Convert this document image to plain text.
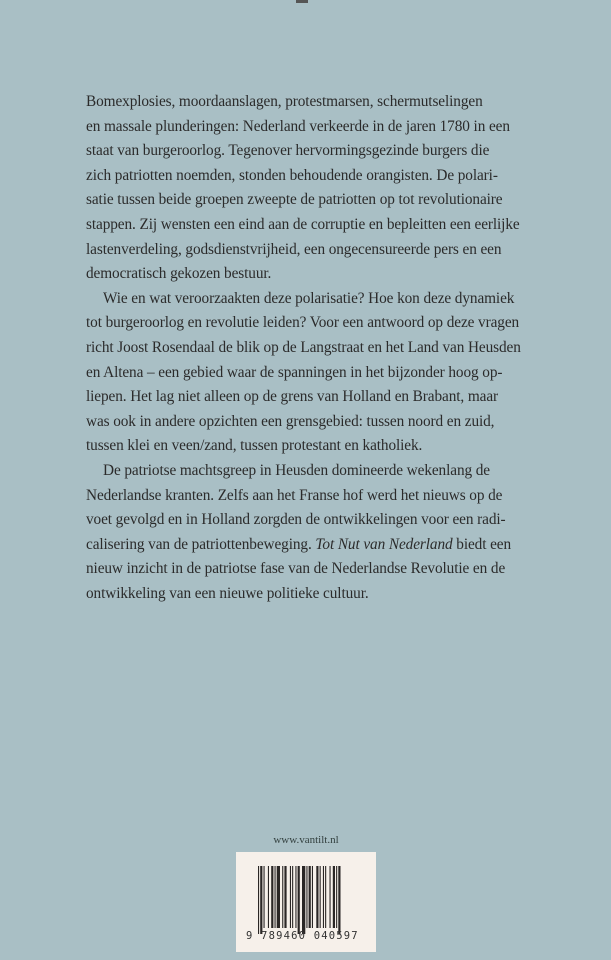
Bomexplosies, moordaanslagen, protestmarsen, schermutselingen
en massale plunderingen: Nederland verkeerde in de jaren 1780 in een
staat van burgeroorlog. Tegenover hervormingsgezinde burgers die
zich patriotten noemden, stonden behoudende orangisten. De polari-
satie tussen beide groepen zweepte de patriotten op tot revolutionaire
stappen. Zij wensten een eind aan de corruptie en bepleitten een eerlijke
lastenverdeling, godsdienstvrijheid, een ongecensureerde pers en een
democratisch gekozen bestuur.
Wie en wat veroorzaakten deze polarisatie? Hoe kon deze dynamiek
tot burgeroorlog en revolutie leiden? Voor een antwoord op deze vragen
richt Joost Rosendaal de blik op de Langstraat en het Land van Heusden
en Altena – een gebied waar de spanningen in het bijzonder hoog op-
liepen. Het lag niet alleen op de grens van Holland en Brabant, maar
was ook in andere opzichten een grensgebied: tussen noord en zuid,
tussen klei en veen/zand, tussen protestant en katholiek.
De patriotse machtsgreep in Heusden domineerde wekenlang de
Nederlandse kranten. Zelfs aan het Franse hof werd het nieuws op de
voet gevolgd en in Holland zorgden de ontwikkelingen voor een radi-
calisering van de patriottenbeweging. Tot Nut van Nederland biedt een
nieuw inzicht in de patriotse fase van de Nederlandse Revolutie en de
ontwikkeling van een nieuwe politieke cultuur.
www.vantilt.nl
9 789460 040597
